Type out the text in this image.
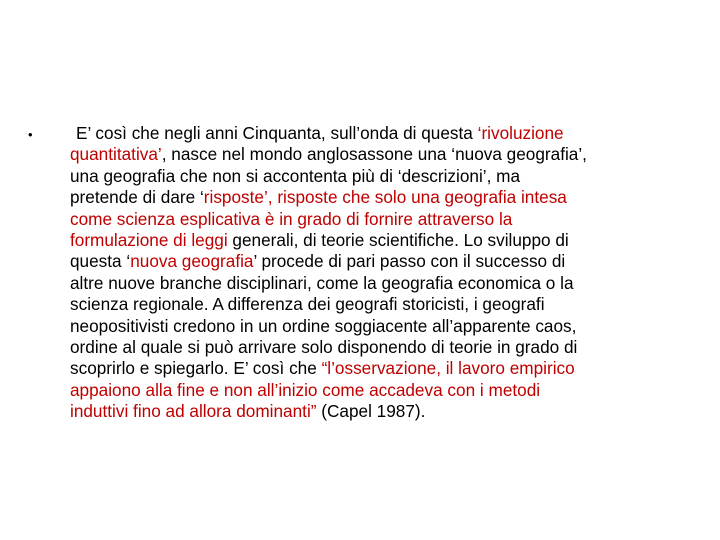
•	E’ così che negli anni Cinquanta, sull’onda di questa ‘rivoluzione
quantitativa’, nasce nel mondo anglosassone una ‘nuova geografia’,
una geografia che non si accontenta più di ‘descrizioni’, ma
pretende di dare ‘risposte’, risposte che solo una geografia intesa
come scienza esplicativa è in grado di fornire attraverso la
formulazione di leggi generali, di teorie scientifiche. Lo sviluppo di
questa ‘nuova geografia’ procede di pari passo con il successo di
altre nuove branche disciplinari, come la geografia economica o la
scienza regionale. A differenza dei geografi storicisti, i geografi
neopositivisti credono in un ordine soggiacente all’apparente caos,
ordine al quale si può arrivare solo disponendo di teorie in grado di
scoprirlo e spiegarlo. E’ così che “l’osservazione, il lavoro empirico
appaiono alla fine e non all’inizio come accadeva con i metodi
induttivi fino ad allora dominanti” (Capel 1987).
